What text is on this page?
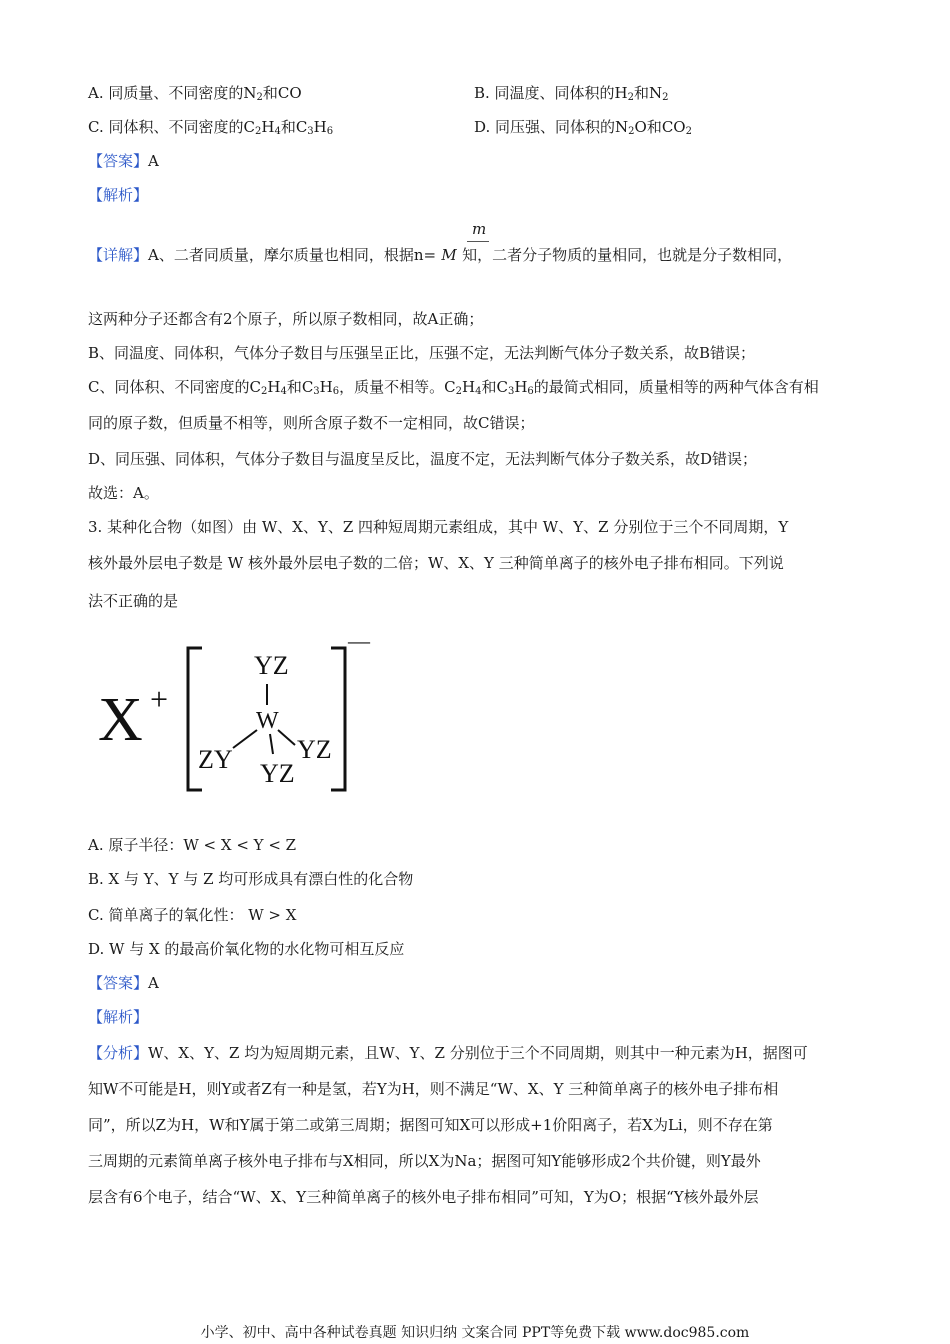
A. 同质量、不同密度的$N_2$和CO	B. 同温度、同体积的$H_2$和$N_2$
C. 同体积、不同密度的$C_2H_4$和$C_3H_6$	D. 同压强、同体积的$N_2O$和$CO_2$
【答案】A
【解析】
m
【详解】A、二者同质量，摩尔质量也相同，根据n= M 知，二者分子物质的量相同，也就是分子数相同，
这两种分子还都含有2个原子，所以原子数相同，故A正确；
B、同温度、同体积，气体分子数目与压强呈正比，压强不定，无法判断气体分子数关系，故B错误；
C、同体积、不同密度的$C_2H_4$和$C_3H_6$，质量不相等。$C_2H_4$和$C_3H_6$的最简式相同，质量相等的两种气体含有相
同的原子数，但质量不相等，则所含原子数不一定相同，故C错误；
D、同压强、同体积，气体分子数目与温度呈反比，温度不定，无法判断气体分子数关系，故D错误；
故选：A。
3. 某种化合物（如图）由 W、X、Y、Z 四种短周期元素组成，其中 W、Y、Z 分别位于三个不同周期，Y
核外最外层电子数是 W 核外最外层电子数的二倍；W、X、Y 三种简单离子的核外电子排布相同。下列说
法不正确的是
X +
—
YZ
W
ZY YZ
YZ
A. 原子半径：W < X < Y < Z
B. X 与 Y、Y 与 Z 均可形成具有漂白性的化合物
C. 简单离子的氧化性： W > X
D. W 与 X 的最高价氧化物的水化物可相互反应
【答案】A
【解析】
【分析】W、X、Y、Z 均为短周期元素，且W、Y、Z 分别位于三个不同周期，则其中一种元素为H，据图可
知W不可能是H，则Y或者Z有一种是氢，若Y为H，则不满足“W、X、Y 三种简单离子的核外电子排布相
同”，所以Z为H，W和Y属于第二或第三周期；据图可知X可以形成+1价阳离子，若X为Li，则不存在第
三周期的元素简单离子核外电子排布与X相同，所以X为Na；据图可知Y能够形成2个共价键，则Y最外
层含有6个电子，结合“W、X、Y三种简单离子的核外电子排布相同”可知，Y为O；根据“Y核外最外层
小学、初中、高中各种试卷真题 知识归纳 文案合同 PPT等免费下载 www.doc985.com
